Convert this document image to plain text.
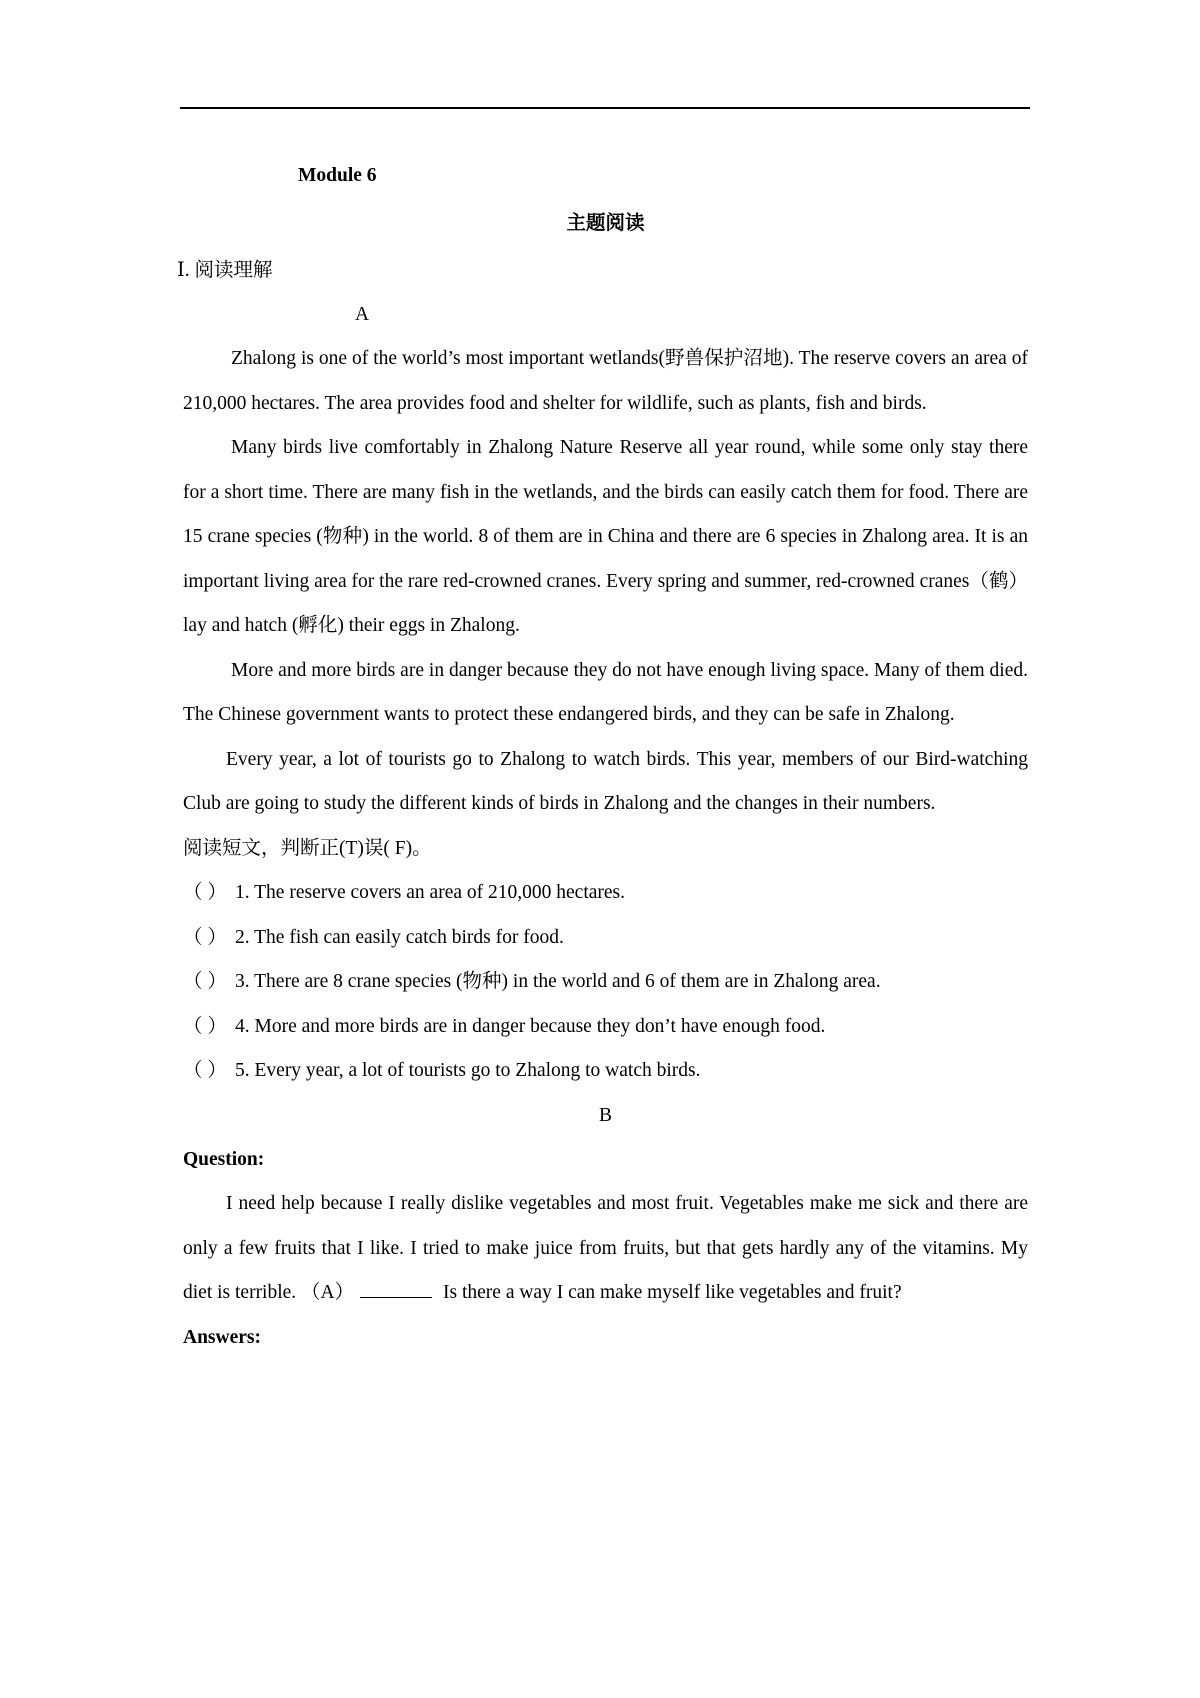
Module 6
主题阅读
Ⅰ. 阅读理解
A

Zhalong is one of the world’s most important wetlands(野兽保护沼地). The reserve covers an area of 210,000 hectares. The area provides food and shelter for wildlife, such as plants, fish and birds.

Many birds live comfortably in Zhalong Nature Reserve all year round, while some only stay there for a short time. There are many fish in the wetlands, and the birds can easily catch them for food. There are 15 crane species (物种) in the world. 8 of them are in China and there are 6 species in Zhalong area. It is an important living area for the rare red-crowned cranes. Every spring and summer, red-crowned cranes（鹤） lay and hatch (孵化) their eggs in Zhalong.

More and more birds are in danger because they do not have enough living space. Many of them died. The Chinese government wants to protect these endangered birds, and they can be safe in Zhalong.

Every year, a lot of tourists go to Zhalong to watch birds. This year, members of our Bird-watching Club are going to study the different kinds of birds in Zhalong and the changes in their numbers.

阅读短文，判断正(T)误( F)。
（ ） 1. The reserve covers an area of 210,000 hectares.
（ ） 2. The fish can easily catch birds for food.
（ ） 3. There are 8 crane species (物种) in the world and 6 of them are in Zhalong area.
（ ） 4. More and more birds are in danger because they don’t have enough food.
（ ） 5. Every year, a lot of tourists go to Zhalong to watch birds.
B
Question:

I need help because I really dislike vegetables and most fruit. Vegetables make me sick and there are only a few fruits that I like. I tried to make juice from fruits, but that gets hardly any of the vitamins. My diet is terrible. （A）	Is there a way I can make myself like vegetables and fruit?

Answers:
